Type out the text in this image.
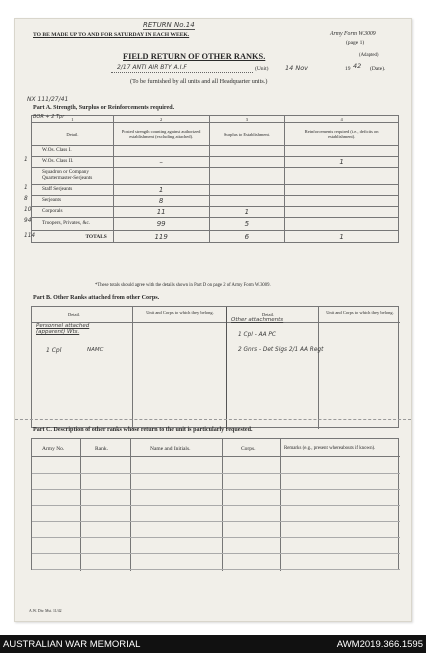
RETURN No.14
TO BE MADE UP TO AND FOR SATURDAY IN EACH WEEK.	Army Form W.3009
(page 1)
FIELD RETURN OF OTHER RANKS.	(Adapted)
2/17 ANTI AIR BTY A.I.F	(Unit)	14 Nov	19 42 (Date).
(To be furnished by all units and all Headquarter units.)
NX 111/27/41
Part A. Strength, Surplus or Reinforcements required.
BOR + 2 Tpr 1	2	3	4
Detail.	Posted strength counting against authorized establishment (excluding attached).	Surplus to Establishment.	Reinforcements required (i.e., deficits on establishment).

W.Os. Class I.			

1 W.Os. Class II.	–		1

Squadron or Company Quartermaster-Serjeants			

1 Staff Serjeants	1		

8 Serjeants	8		

10 Corporals	11	1	

94 Troopers, Privates, &c.	99	5	

114 TOTALS	119	6	1
*These totals should agree with the details shown in Part D on page 2 of Army Form W.3009.
Part B. Other Ranks attached from other Corps.
Detail.	Unit and Corps to which they belong.	Detail.	Unit and Corps to which they belong.
Personnel attached (apparent) Wts.
1 Cpl	NAMC
Other attachments
1 Cpl - AA PC
2 Gnrs - Det Sigs 2/1 AA Regt
Part C. Description of other ranks whose return to the unit is particularly requested.
Army No.	Rank.	Name and Initials.	Corps.	Remarks (e.g., present whereabouts if known).
A.W. Div. Mst. 11/42
AUSTRALIAN WAR MEMORIAL	AWM2019.366.1595
